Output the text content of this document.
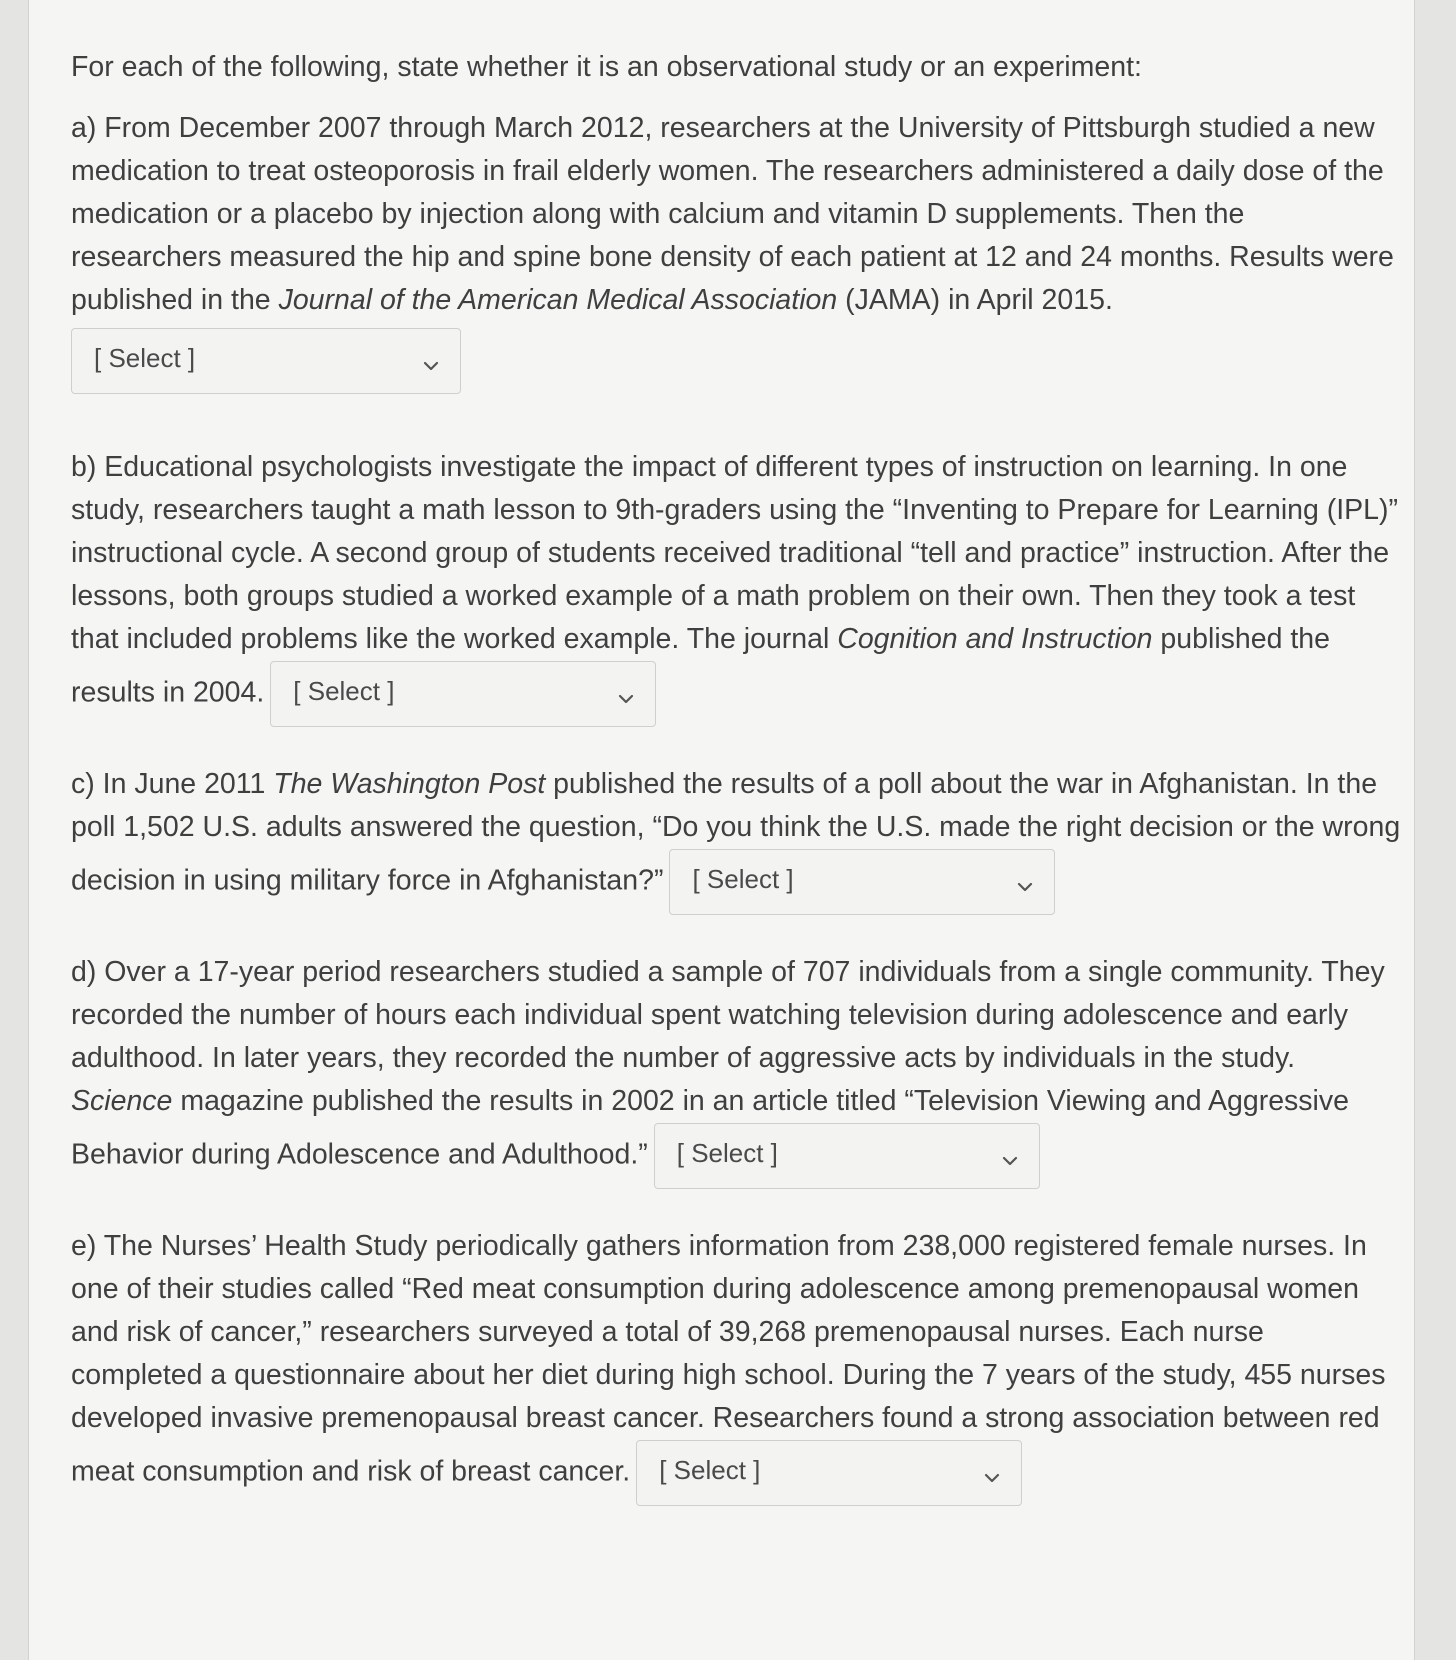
For each of the following, state whether it is an observational study or an experiment:

a) From December 2007 through March 2012, researchers at the University of Pittsburgh studied a new medication to treat osteoporosis in frail elderly women. The researchers administered a daily dose of the medication or a placebo by injection along with calcium and vitamin D supplements. Then the researchers measured the hip and spine bone density of each patient at 12 and 24 months. Results were published in the Journal of the American Medical Association (JAMA) in April 2015.

[ Select ]

b) Educational psychologists investigate the impact of different types of instruction on learning. In one study, researchers taught a math lesson to 9th-graders using the “Inventing to Prepare for Learning (IPL)” instructional cycle. A second group of students received traditional “tell and practice” instruction. After the lessons, both groups studied a worked example of a math problem on their own. Then they took a test that included problems like the worked example. The journal Cognition and Instruction published the results in 2004. [ Select ]

c) In June 2011 The Washington Post published the results of a poll about the war in Afghanistan. In the poll 1,502 U.S. adults answered the question, “Do you think the U.S. made the right decision or the wrong decision in using military force in Afghanistan?” [ Select ]

d) Over a 17-year period researchers studied a sample of 707 individuals from a single community. They recorded the number of hours each individual spent watching television during adolescence and early adulthood. In later years, they recorded the number of aggressive acts by individuals in the study. Science magazine published the results in 2002 in an article titled “Television Viewing and Aggressive Behavior during Adolescence and Adulthood.” [ Select ]

e) The Nurses’ Health Study periodically gathers information from 238,000 registered female nurses. In one of their studies called “Red meat consumption during adolescence among premenopausal women and risk of cancer,” researchers surveyed a total of 39,268 premenopausal nurses. Each nurse completed a questionnaire about her diet during high school. During the 7 years of the study, 455 nurses developed invasive premenopausal breast cancer. Researchers found a strong association between red meat consumption and risk of breast cancer. [ Select ]
